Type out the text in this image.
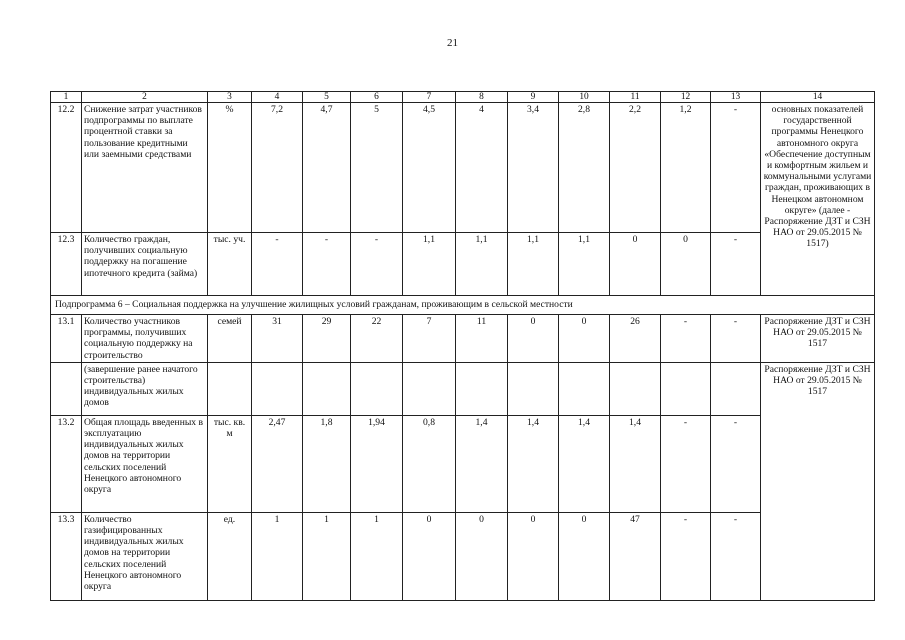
21
1	2	3	4	5	6	7	8	9	10	11	12	13	14
12.2	Снижение затрат участников подпрограммы по выплате процентной ставки за пользование кредитными или заемными средствами	%	7,2	4,7	5	4,5	4	3,4	2,8	2,2	1,2	-	основных показателей государственной программы Ненецкого автономного округа «Обеспечение доступным и комфортным жильем и коммунальными услугами граждан, проживающих в Ненецком автономном округе» (далее - Распоряжение ДЗТ и СЗН НАО от 29.05.2015 № 1517)
12.3	Количество граждан, получивших социальную поддержку на погашение ипотечного кредита (займа)	тыс. уч.	-	-	-	1,1	1,1	1,1	1,1	0	0	-	
Подпрограмма 6 – Социальная поддержка на улучшение жилищных условий гражданам, проживающим в сельской местности													
13.1	Количество участников программы, получивших социальную поддержку на строительство	семей	31	29	22	7	11	0	0	26	-	-	Распоряжение ДЗТ и СЗН НАО от 29.05.2015 № 1517
	(завершение ранее начатого строительства) индивидуальных жилых домов												Распоряжение ДЗТ и СЗН НАО от 29.05.2015 № 1517
13.2	Общая площадь введенных в эксплуатацию индивидуальных жилых домов на территории сельских поселений Ненецкого автономного округа	тыс. кв. м	2,47	1,8	1,94	0,8	1,4	1,4	1,4	1,4	-	-	
13.3	Количество газифицированных индивидуальных жилых домов на территории сельских поселений Ненецкого автономного округа	ед.	1	1	1	0	0	0	0	47	-	-	
